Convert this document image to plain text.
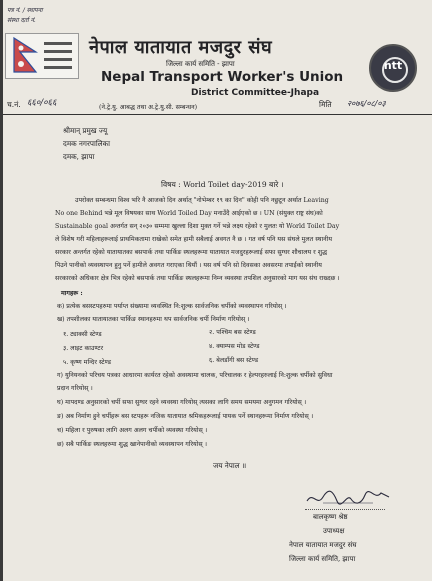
पत्र नं. / स्थापना
संस्था दर्ता नं.
नेपाल यातायात मजदुर संघ
जिल्ला कार्य समिति - झापा
Nepal Transport Worker's Union
District Committee-Jhapa
ntt
(ने.ट्रे.यु. आबद्ध तथा अ.ट्रे.यु.सी. सम्बन्धन)
च.नं. ६६०/०६६	मिति २०७६/०८/०३
श्रीमान् प्रमुख ज्यू
दमक नगरपालिका
दमक, झापा
विषय : World Toilet day-2019 बारे ।
उपरोक्त सम्बन्धमा विश्व भरि नै आजको दिन अर्थात् "नोभेम्बर १९ का दिन" कोही पनि नछुटून अर्थात Leaving
No one Behind भन्ने मूल विषयका साथ World Toiled Day मनाउँदै आईएको छ । UN (संयुक्त राष्ट्र संघ)को
Sustainable goal अन्तर्गत सन् २०३० सम्ममा खुल्ला दिशा मुक्त गर्ने भन्ने लक्ष्य रहेको र मुलतः यो World Toilet Day
ले विशेष गरी महिलाहरूलाई प्राथमिकतामा राखेको समेत हामी सबैलाई अवगत नै छ । गत वर्ष पनि यस संघले मुलत स्थानीय
सरकार अन्तर्गत रहेको यातायातका बसपार्क तथा पार्किङ स्थलहरूमा यातायात मजदुरहरूलाई सफा सुग्घर शौचालय र शुद्ध
पिउने पानीको व्यवस्थापन हुनु पर्ने हामीले अवगत गराएका थियौं । यस वर्ष पनि सो दिवसका अवसरमा तपाईंको स्थानीय
सरकारको अधिकार क्षेत्र भित्र रहेको बसपार्क तथा पार्किङ स्थलहरूमा निम्न व्यवस्था तपशिल अनुसारको माग यस संघ राख्दछ ।
मागहरू :
क) प्रत्येक बसस्टपहरुमा पर्याप्त संख्यामा व्यवस्थित नि:शुल्क सार्वजनिक चर्पीको व्यवस्थापन गरियोस् ।
ख) तपशीलका यातायातका पार्किङ स्थानहरुमा थप सार्वजनिक चर्पी निर्माण गरियोस् ।
१. ट्याक्सी स्टेण्ड	२. पश्चिम बस स्टेण्ड
३. लाइट काउण्टर	४. क्याम्पस मोड स्टेण्ड
५. कृष्ण मन्दिर स्टेण्ड	६. बेलडाँगी बस स्टेण्ड
ग) युनियनको परिचय पत्रका आधारमा कार्यरत रहेको अवस्थामा चालक, परिचालक र हेल्परहरुलाई नि:शुल्क चर्पीको सुविधा
प्रदान गरियोस् ।
घ) मापदण्ड अनुसारको चर्पी सफा सुग्घर रहने व्यवस्था गरियोस् त्यसका लागि समय समयमा अनुगमन गरियोस् ।
ङ) अब निर्माण हुने चर्पीहरू बस स्टपहरू नजिक यातायात श्रमिकहरूलाई पायक पर्ने स्थानहरूमा निर्माण गरियोस् ।
च) महिला र पुरुषका लागि अलग अलग चर्पीको व्यवस्था गरियोस् ।
छ) सबै पार्किङ स्थलहरुमा शुद्ध खानेपानीको व्यवस्थापन गरियोस् ।
जय नेपाल ॥
बालकृष्ण श्रेष्ठ
उपाध्यक्ष
नेपाल यातायात मजदुर संघ
जिल्ला कार्य समिति, झापा
